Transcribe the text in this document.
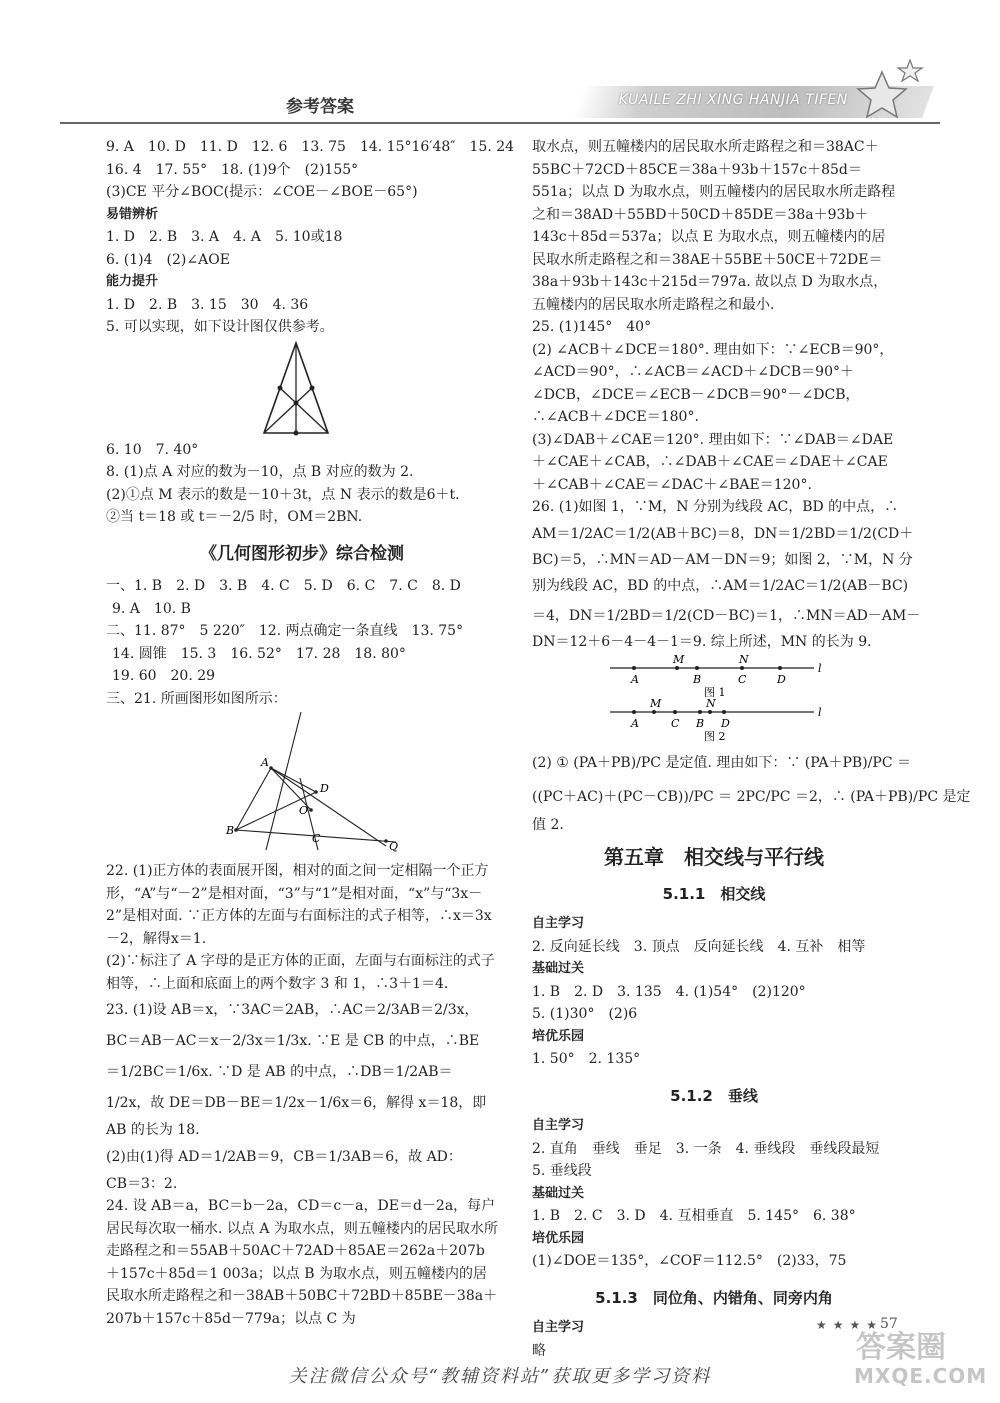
参考答案	KUAILE ZHI XING HANJIA TIFEN

9. A　10. D　11. D　12. 6　13. 75　14. 15°16′48″　15. 24

16. 4　17. 55°　18. (1)9个　(2)155°

(3)CE 平分∠BOC(提示：∠COE－∠BOE－65°)

易错辨析

1. D　2. B　3. A　4. A　5. 10或18

6. (1)4　(2)∠AOE

能力提升

1. D　2. B　3. 15　30　4. 36

5. 可以实现，如下设计图仅供参考。

6. 10　7. 40°

8. (1)点 A 对应的数为－10，点 B 对应的数为 2.

(2)①点 M 表示的数是－10＋3t，点 N 表示的数是6＋t.

②当 t＝18 或 t＝－2/5 时，OM＝2BN.

《几何图形初步》综合检测

一、1. B　2. D　3. B　4. C　5. D　6. C　7. C　8. D

9. A　10. B

二、11. 87°　5 220″　12. 两点确定一条直线　13. 75°

14. 圆锥　15. 3　16. 52°　17. 28　18. 80°

19. 60　20. 29

三、21. 所画图形如图所示：

A
B
C
D
O
Q

22. (1)正方体的表面展开图，相对的面之间一定相隔一个正方形，“A”与“－2”是相对面，“3”与“1”是相对面，“x”与“3x－2”是相对面. ∵正方体的左面与右面标注的式子相等，∴x＝3x－2，解得x＝1.

(2)∵标注了 A 字母的是正方体的正面，左面与右面标注的式子相等，∴上面和底面上的两个数字 3 和 1，∴3＋1＝4.

23. (1)设 AB＝x，∵3AC＝2AB，∴AC＝2/3AB＝2/3x，

BC＝AB－AC＝x－2/3x＝1/3x. ∵E 是 CB 的中点，∴BE

＝1/2BC＝1/6x. ∵D 是 AB 的中点，∴DB＝1/2AB＝

1/2x，故 DE＝DB－BE＝1/2x－1/6x＝6，解得 x＝18，即

AB 的长为 18.

(2)由(1)得 AD＝1/2AB＝9，CB＝1/3AB＝6，故 AD：

CB＝3：2.

24. 设 AB＝a，BC＝b－2a，CD＝c－a，DE＝d－2a，每户居民每次取一桶水. 以点 A 为取水点，则五幢楼内的居民取水所走路程之和＝55AB＋50AC＋72AD＋85AE＝262a＋207b＋157c＋85d＝1 003a；以点 B 为取水点，则五幢楼内的居民取水所走路程之和－38AB＋50BC＋72BD＋85BE－38a＋207b＋157c＋85d－779a；以点 C 为

取水点，则五幢楼内的居民取水所走路程之和＝38AC＋55BC＋72CD＋85CE＝38a＋93b＋157c＋85d＝551a；以点 D 为取水点，则五幢楼内的居民取水所走路程之和＝38AD＋55BD＋50CD＋85DE＝38a＋93b＋143c＋85d＝537a；以点 E 为取水点，则五幢楼内的居民取水所走路程之和＝38AE＋55BE＋50CE＋72DE＝38a＋93b＋143c＋215d＝797a. 故以点 D 为取水点，五幢楼内的居民取水所走路程之和最小.

25. (1)145°　40°

(2) ∠ACB＋∠DCE＝180°. 理由如下：∵∠ECB＝90°，∠ACD＝90°，∴∠ACB＝∠ACD＋∠DCB＝90°＋∠DCB，∠DCE＝∠ECB－∠DCB＝90°－∠DCB，∴∠ACB＋∠DCE＝180°.

(3)∠DAB＋∠CAE＝120°. 理由如下：∵∠DAB＝∠DAE＋∠CAE＋∠CAB，∴∠DAB＋∠CAE＝∠DAE＋∠CAE＋∠CAB＋∠CAE＝∠DAC＋∠BAE＝120°.

26. (1)如图 1，∵M，N 分别为线段 AC，BD 的中点，∴

AM＝1/2AC＝1/2(AB＋BC)＝8，DN＝1/2BD＝1/2(CD＋

BC)＝5，∴MN＝AD－AM－DN＝9；如图 2，∵M，N 分

别为线段 AC，BD 的中点，∴AM＝1/2AC＝1/2(AB－BC)

＝4，DN＝1/2BD＝1/2(CD－BC)＝1，∴MN＝AD－AM－

DN＝12＋6－4－4－1＝9. 综上所述，MN 的长为 9.

A
M
B
N
C	D
l
图 1
A
M
C B
N
D
l
图 2

(2) ① (PA＋PB)/PC 是定值. 理由如下：∵ (PA＋PB)/PC ＝

((PC＋AC)＋(PC－CB))/PC ＝ 2PC/PC ＝2，∴ (PA＋PB)/PC 是定

值 2.

第五章　相交线与平行线

5.1.1　相交线

自主学习

2. 反向延长线　3. 顶点　反向延长线　4. 互补　相等

基础过关

1. B　2. D　3. 135　4. (1)54°　(2)120°

5. (1)30°　(2)6

培优乐园

1. 50°　2. 135°

5.1.2　垂线

自主学习

2. 直角　垂线　垂足　3. 一条　4. 垂线段　垂线段最短

5. 垂线段

基础过关

1. B　2. C　3. D　4. 互相垂直　5. 145°　6. 38°

培优乐园

(1)∠DOE＝135°，∠COF＝112.5°　(2)33，75

5.1.3　同位角、内错角、同旁内角

自主学习

略

★★★★
57
答案圈
MXQE.COM
关注微信公众号“教辅资料站”获取更多学习资料
